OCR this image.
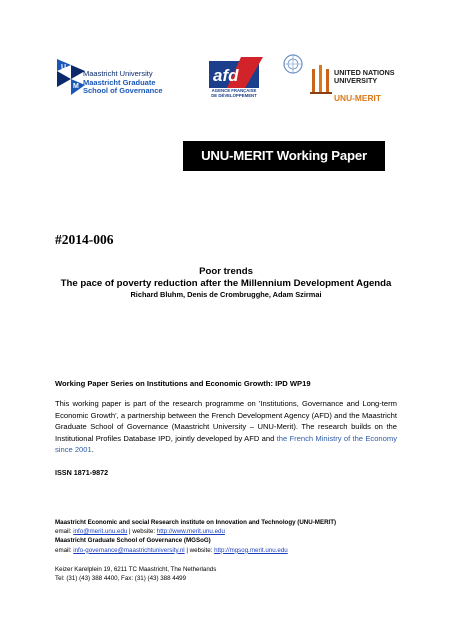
U
M
Maastricht University
Maastricht Graduate
School of Governance
afd
AGENCE FRANÇAISE
DE DÉVELOPPEMENT
UNITED NATIONS
UNIVERSITY
UNU-MERIT
UNU-MERIT Working Paper Series
#2014-006
Poor trends
The pace of poverty reduction after the Millennium Development Agenda
Richard Bluhm, Denis de Crombrugghe, Adam Szirmai
Working Paper Series on Institutions and Economic Growth: IPD WP19
This working paper is part of the research programme on 'Institutions, Governance and Long-term Economic Growth', a partnership between the French Development Agency (AFD) and the Maastricht Graduate School of Governance (Maastricht University – UNU-Merit). The research builds on the Institutional Profiles Database IPD, jointly developed by AFD and the French Ministry of the Economy since 2001.
ISSN 1871-9872
Maastricht Economic and social Research institute on Innovation and Technology (UNU-MERIT)
email: info@merit.unu.edu | website: http://www.merit.unu.edu
Maastricht Graduate School of Governance (MGSoG)
email: info-governance@maastrichtuniversity.nl | website: http://mgsog.merit.unu.edu
Keizer Karelplein 19, 6211 TC Maastricht, The Netherlands
Tel: (31) (43) 388 4400, Fax: (31) (43) 388 4499
